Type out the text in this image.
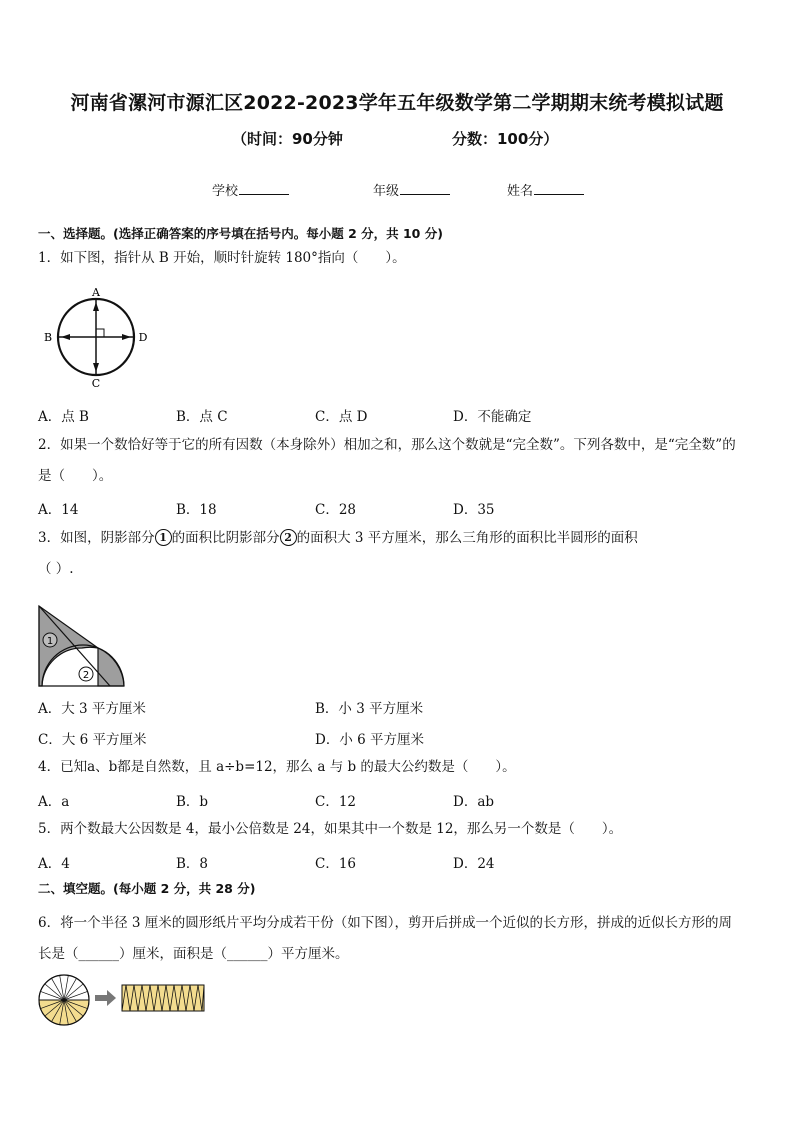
河南省漯河市源汇区2022-2023学年五年级数学第二学期期末统考模拟试题
（时间：90分钟	分数：100分）
学校	年级	姓名
一、选择题。(选择正确答案的序号填在括号内。每小题 2 分，共 10 分)
1．如下图，指针从 B 开始，顺时针旋转 180°指向（　　）。
A
C
B	D
A．点 B	B．点 C	C．点 D	D．不能确定
2．如果一个数恰好等于它的所有因数（本身除外）相加之和，那么这个数就是“完全数”。下列各数中，是“完全数”的
是（　　）。
A．14	B．18	C．28	D．35
3．如图，阴影部分 1 的面积比阴影部分 2 的面积大 3 平方厘米，那么三角形的面积比半圆形的面积
（ ）.
1
2
A．大 3 平方厘米	B．小 3 平方厘米
C．大 6 平方厘米	D．小 6 平方厘米
4．已知a、b都是自然数，且 a÷b=12，那么 a 与 b 的最大公约数是（　　）。
A．a	B．b	C．12	D．ab
5．两个数最大公因数是 4，最小公倍数是 24，如果其中一个数是 12，那么另一个数是（　　）。
A．4	B．8	C．16	D．24
二、填空题。(每小题 2 分，共 28 分)
6．将一个半径 3 厘米的圆形纸片平均分成若干份（如下图），剪开后拼成一个近似的长方形，拼成的近似长方形的周
长是（______）厘米，面积是（______）平方厘米。
